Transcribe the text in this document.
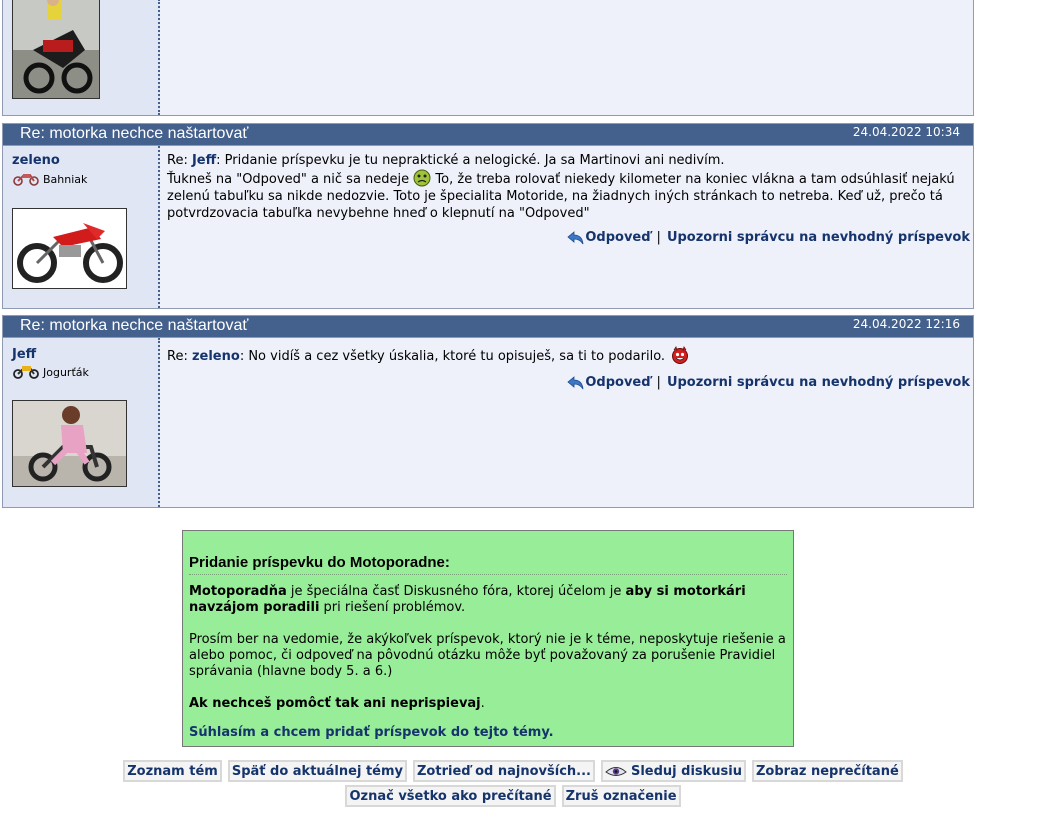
Re: motorka nechce naštartovať	24.04.2022 10:34
zeleno
Bahniak
Re: Jeff: Pridanie príspevku je tu nepraktické a nelogické. Ja sa Martinovi ani nedivím.
Ťukneš na "Odpoved" a nič sa nedeje  To, že treba rolovať niekedy kilometer na koniec vlákna a tam odsúhlasiť nejakú zelenú tabuľku sa nikde nedozvie. Toto je špecialita Motoride, na žiadnych iných stránkach to netreba. Keď už, prečo tá potvrdzovacia tabuľka nevybehne hneď o klepnutí na "Odpoved"
Odpoveď | Upozorni správcu na nevhodný príspevok
Re: motorka nechce naštartovať	24.04.2022 12:16
Jeff
Jogurťák
Re: zeleno: No vidíš a cez všetky úskalia, ktoré tu opisuješ, sa ti to podarilo.
Odpoveď | Upozorni správcu na nevhodný príspevok
Pridanie príspevku do Motoporadne:

Motoporadňa je špeciálna časť Diskusného fóra, ktorej účelom je aby si motorkári navzájom poradili pri riešení problémov.

Prosím ber na vedomie, že akýkoľvek príspevok, ktorý nie je k téme, neposkytuje riešenie a alebo pomoc, či odpoveď na pôvodnú otázku môže byť považovaný za porušenie Pravidiel správania (hlavne body 5. a 6.)

Ak nechceš pomôcť tak ani neprispievaj.

Súhlasím a chcem pridať príspevok do tejto témy.

Zoznam tém	Späť do aktuálnej témy	Zotrieď od najnovších...	Sleduj diskusiu	Zobraz neprečítané
Označ všetko ako prečítané	Zruš označenie
